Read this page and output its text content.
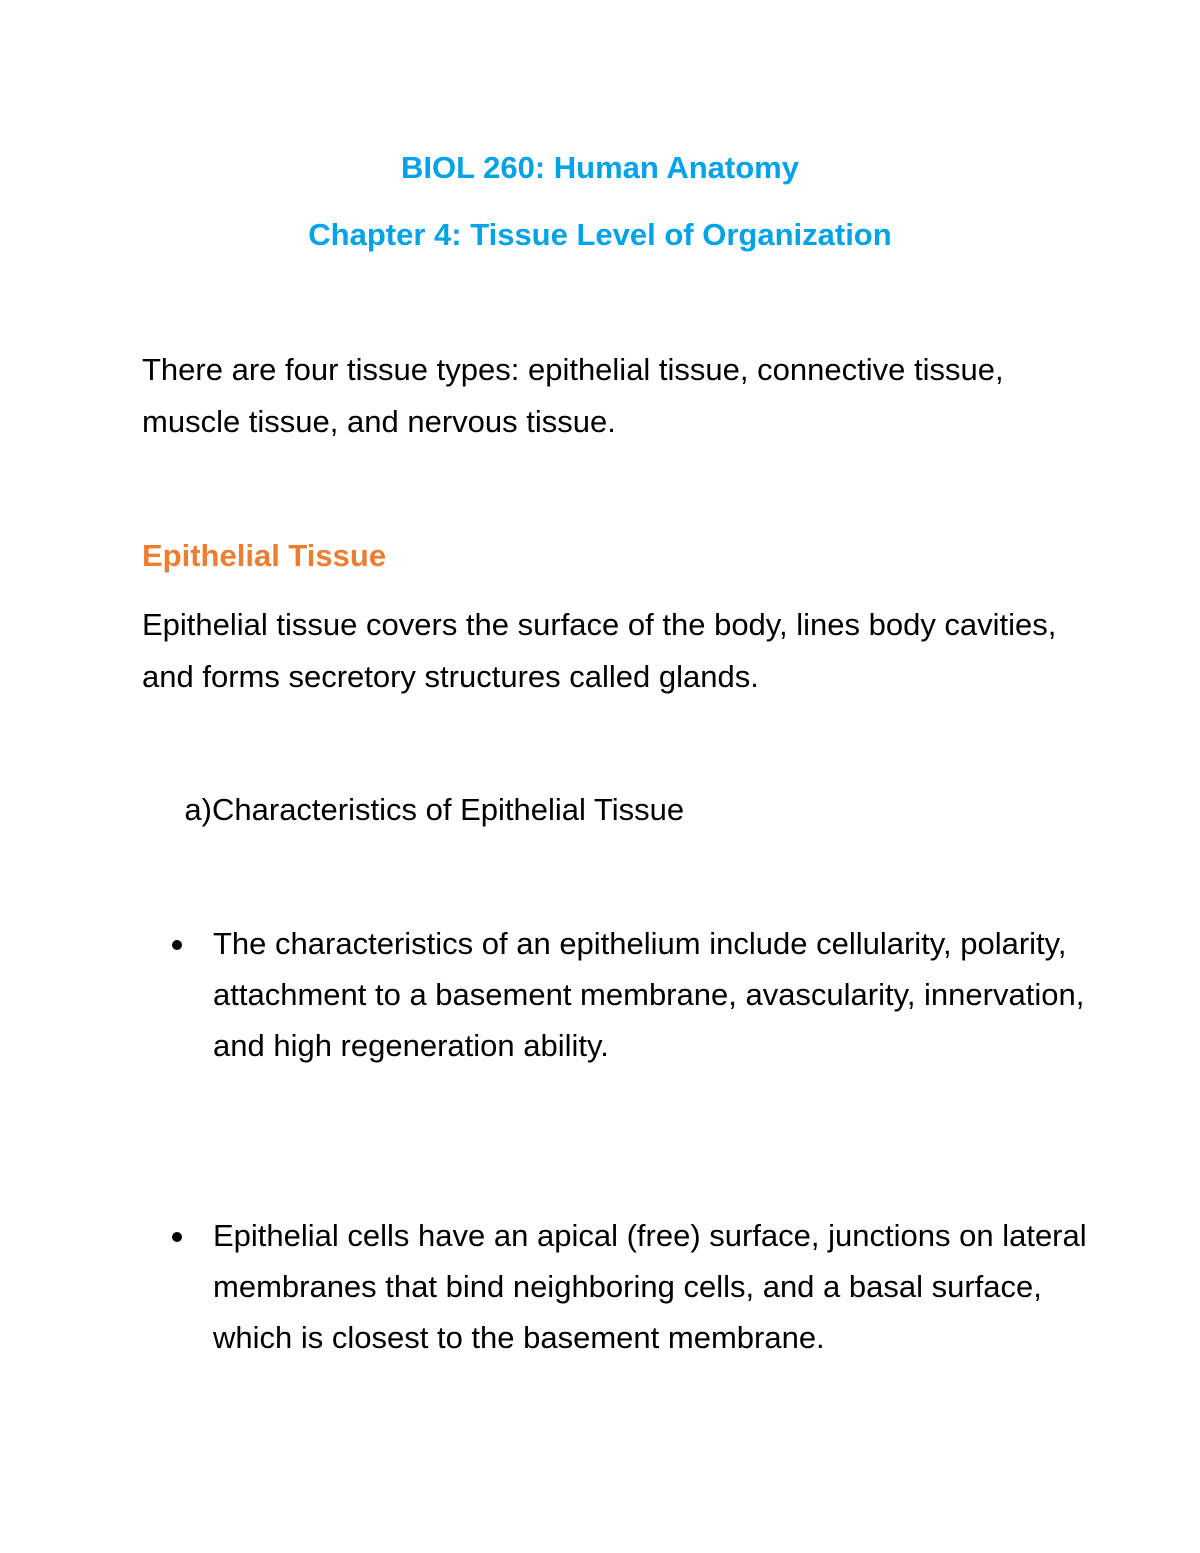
BIOL 260: Human Anatomy
Chapter 4: Tissue Level of Organization
There are four tissue types: epithelial tissue, connective tissue, muscle tissue, and nervous tissue.
Epithelial Tissue
Epithelial tissue covers the surface of the body, lines body cavities, and forms secretory structures called glands.
a)Characteristics of Epithelial Tissue
The characteristics of an epithelium include cellularity, polarity, attachment to a basement membrane, avascularity, innervation, and high regeneration ability.
Epithelial cells have an apical (free) surface, junctions on lateral membranes that bind neighboring cells, and a basal surface, which is closest to the basement membrane.
